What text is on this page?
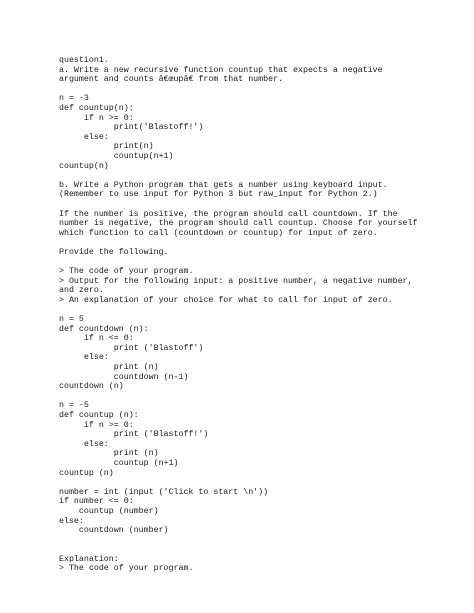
question1.
a. Write a new recursive function countup that expects a negative
argument and counts â€œupâ€ from that number.
n = -3
def countup(n):
if n >= 0:
print('Blastoff!')
else:
print(n)
countup(n+1)
countup(n)
b. Write a Python program that gets a number using keyboard input.
(Remember to use input for Python 3 but raw_input for Python 2.)
If the number is positive, the program should call countdown. If the
number is negative, the program should call countup. Choose for yourself
which function to call (countdown or countup) for input of zero.
Provide the following.
> The code of your program.
> Output for the following input: a positive number, a negative number,
and zero.
> An explanation of your choice for what to call for input of zero.
n = 5
def countdown (n):
if n <= 0:
print ('Blastoff')
else:
print (n)
countdown (n-1)
countdown (n)
n = -5
def countup (n):
if n >= 0:
print ('Blastoff!')
else:
print (n)
countup (n+1)
countup (n)
number = int (input ('Click to start \n'))
if number <= 0:
countup (number)
else:
countdown (number)
Explanation:
> The code of your program.
